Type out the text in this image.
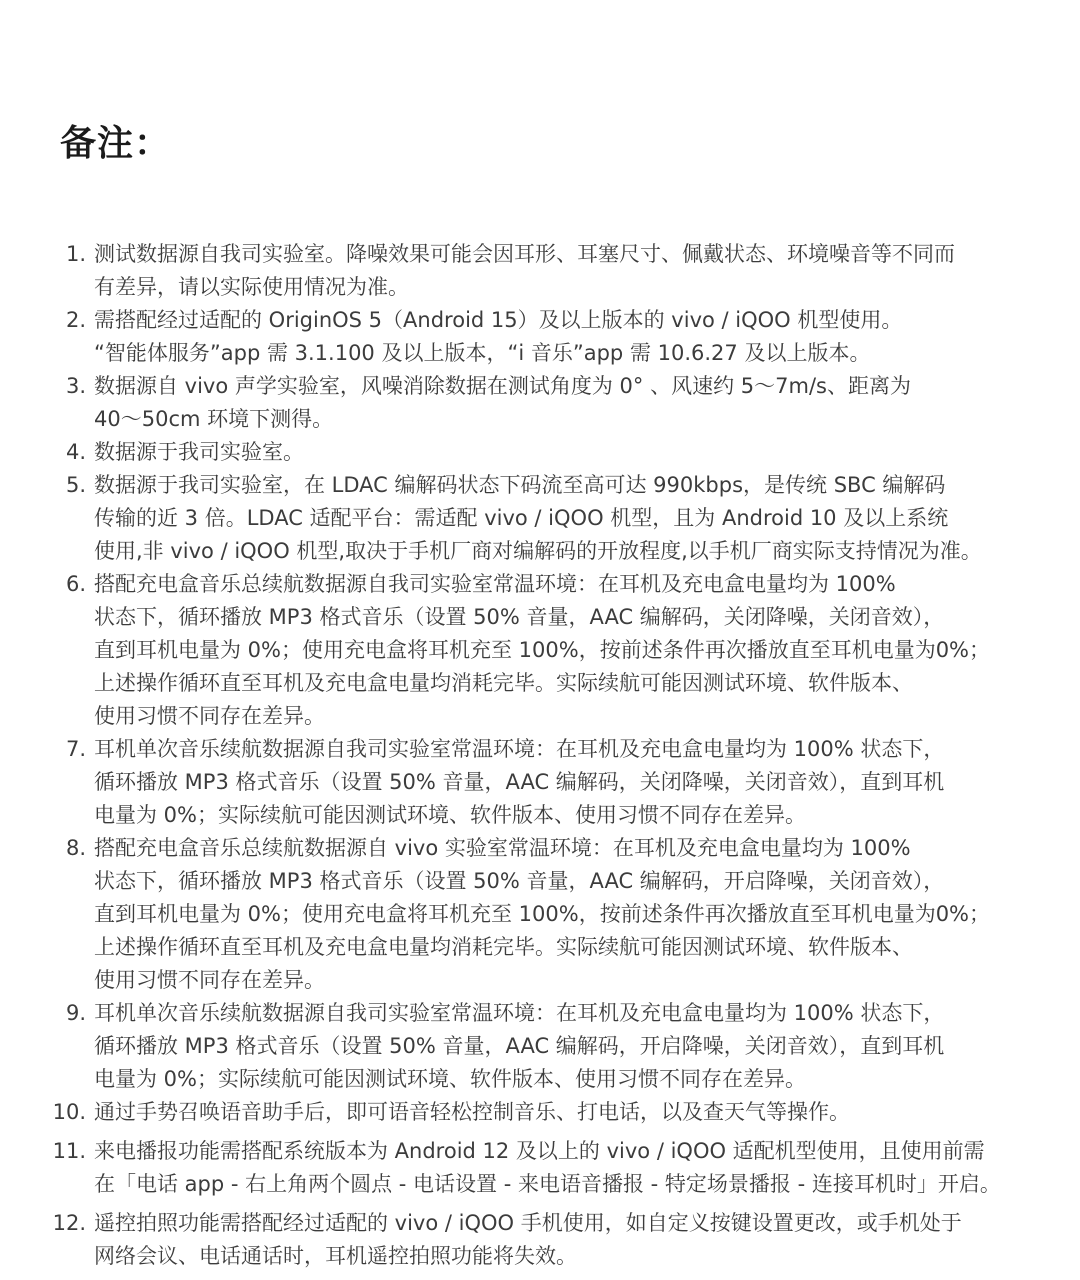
备注：
1. 测试数据源自我司实验室。降噪效果可能会因耳形、耳塞尺寸、佩戴状态、环境噪音等不同而
有差异，请以实际使用情况为准。
2. 需搭配经过适配的 OriginOS 5（Android 15）及以上版本的 vivo / iQOO 机型使用。
“智能体服务”app 需 3.1.100 及以上版本，“i 音乐”app 需 10.6.27 及以上版本。
3. 数据源自 vivo 声学实验室，风噪消除数据在测试角度为 0° 、风速约 5～7m/s、距离为
40～50cm 环境下测得。
4. 数据源于我司实验室。
5. 数据源于我司实验室，在 LDAC 编解码状态下码流至高可达 990kbps，是传统 SBC 编解码
传输的近 3 倍。LDAC 适配平台：需适配 vivo / iQOO 机型，且为 Android 10 及以上系统
使用,非 vivo / iQOO 机型,取决于手机厂商对编解码的开放程度,以手机厂商实际支持情况为准。
6. 搭配充电盒音乐总续航数据源自我司实验室常温环境：在耳机及充电盒电量均为 100%
状态下，循环播放 MP3 格式音乐（设置 50% 音量，AAC 编解码，关闭降噪，关闭音效），
直到耳机电量为 0%；使用充电盒将耳机充至 100%，按前述条件再次播放直至耳机电量为0%；
上述操作循环直至耳机及充电盒电量均消耗完毕。实际续航可能因测试环境、软件版本、
使用习惯不同存在差异。
7. 耳机单次音乐续航数据源自我司实验室常温环境：在耳机及充电盒电量均为 100% 状态下，
循环播放 MP3 格式音乐（设置 50% 音量，AAC 编解码，关闭降噪，关闭音效），直到耳机
电量为 0%；实际续航可能因测试环境、软件版本、使用习惯不同存在差异。
8. 搭配充电盒音乐总续航数据源自 vivo 实验室常温环境：在耳机及充电盒电量均为 100%
状态下，循环播放 MP3 格式音乐（设置 50% 音量，AAC 编解码，开启降噪，关闭音效），
直到耳机电量为 0%；使用充电盒将耳机充至 100%，按前述条件再次播放直至耳机电量为0%；
上述操作循环直至耳机及充电盒电量均消耗完毕。实际续航可能因测试环境、软件版本、
使用习惯不同存在差异。
9. 耳机单次音乐续航数据源自我司实验室常温环境：在耳机及充电盒电量均为 100% 状态下，
循环播放 MP3 格式音乐（设置 50% 音量，AAC 编解码，开启降噪，关闭音效），直到耳机
电量为 0%；实际续航可能因测试环境、软件版本、使用习惯不同存在差异。
10. 通过手势召唤语音助手后，即可语音轻松控制音乐、打电话，以及查天气等操作。
11. 来电播报功能需搭配系统版本为 Android 12 及以上的 vivo / iQOO 适配机型使用，且使用前需
在「电话 app - 右上角两个圆点 - 电话设置 - 来电语音播报 - 特定场景播报 - 连接耳机时」开启。
12. 遥控拍照功能需搭配经过适配的 vivo / iQOO 手机使用，如自定义按键设置更改，或手机处于
网络会议、电话通话时，耳机遥控拍照功能将失效。
